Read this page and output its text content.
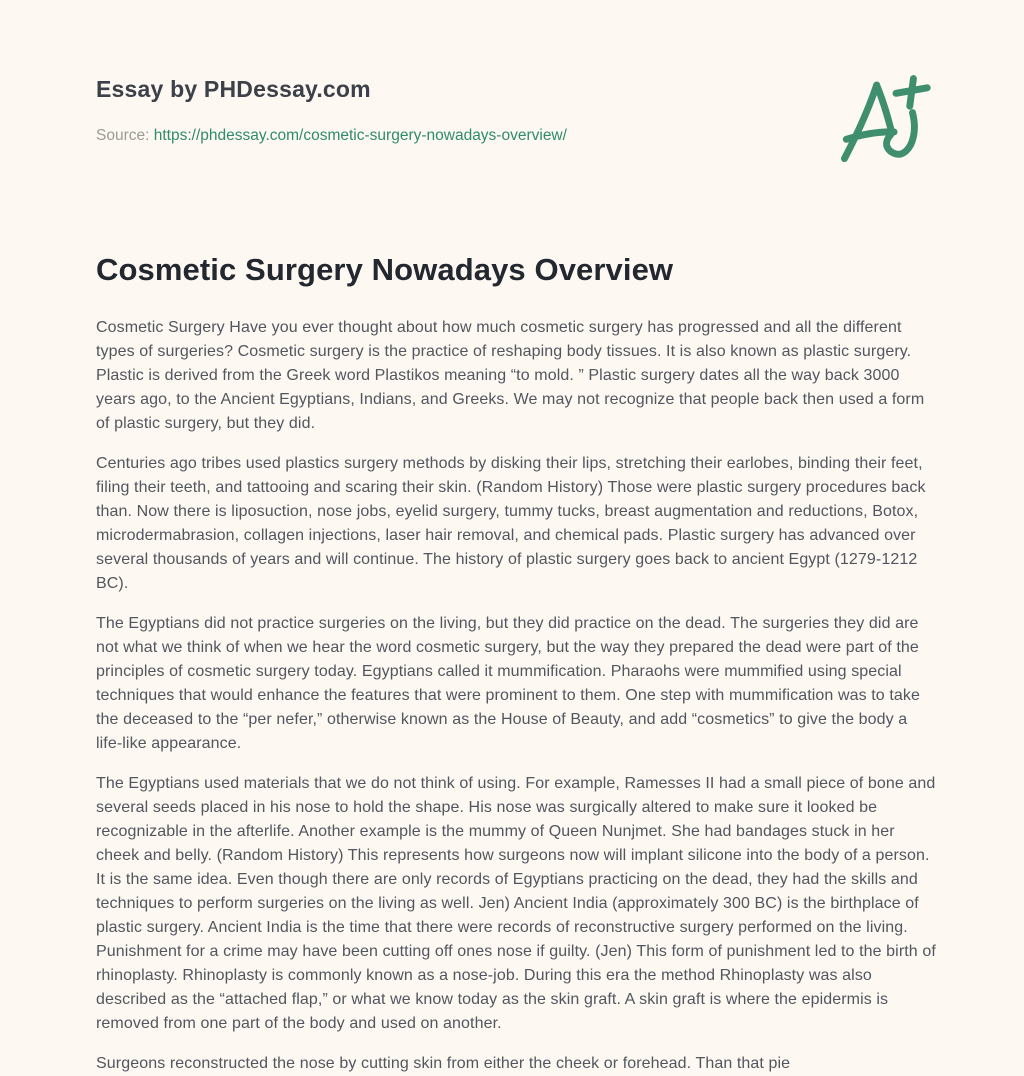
Essay by PHDessay.com
Source: https://phdessay.com/cosmetic-surgery-nowadays-overview/
Cosmetic Surgery Nowadays Overview

Cosmetic Surgery Have you ever thought about how much cosmetic surgery has progressed and all the different types of surgeries? Cosmetic surgery is the practice of reshaping body tissues. It is also known as plastic surgery. Plastic is derived from the Greek word Plastikos meaning “to mold. ” Plastic surgery dates all the way back 3000 years ago, to the Ancient Egyptians, Indians, and Greeks. We may not recognize that people back then used a form of plastic surgery, but they did.

Centuries ago tribes used plastics surgery methods by disking their lips, stretching their earlobes, binding their feet, filing their teeth, and tattooing and scaring their skin. (Random History) Those were plastic surgery procedures back than. Now there is liposuction, nose jobs, eyelid surgery, tummy tucks, breast augmentation and reductions, Botox, microdermabrasion, collagen injections, laser hair removal, and chemical pads. Plastic surgery has advanced over several thousands of years and will continue. The history of plastic surgery goes back to ancient Egypt (1279-1212 BC).

The Egyptians did not practice surgeries on the living, but they did practice on the dead. The surgeries they did are not what we think of when we hear the word cosmetic surgery, but the way they prepared the dead were part of the principles of cosmetic surgery today. Egyptians called it mummification. Pharaohs were mummified using special techniques that would enhance the features that were prominent to them. One step with mummification was to take the deceased to the “per nefer,” otherwise known as the House of Beauty, and add “cosmetics” to give the body a life-like appearance.

The Egyptians used materials that we do not think of using. For example, Ramesses II had a small piece of bone and several seeds placed in his nose to hold the shape. His nose was surgically altered to make sure it looked be recognizable in the afterlife. Another example is the mummy of Queen Nunjmet. She had bandages stuck in her cheek and belly. (Random History) This represents how surgeons now will implant silicone into the body of a person. It is the same idea. Even though there are only records of Egyptians practicing on the dead, they had the skills and techniques to perform surgeries on the living as well. Jen) Ancient India (approximately 300 BC) is the birthplace of plastic surgery. Ancient India is the time that there were records of reconstructive surgery performed on the living. Punishment for a crime may have been cutting off ones nose if guilty. (Jen) This form of punishment led to the birth of rhinoplasty. Rhinoplasty is commonly known as a nose-job. During this era the method Rhinoplasty was also described as the “attached flap,” or what we know today as the skin graft. A skin graft is where the epidermis is removed from one part of the body and used on another.

Surgeons reconstructed the nose by cutting skin from either the cheek or forehead. Than that pie
